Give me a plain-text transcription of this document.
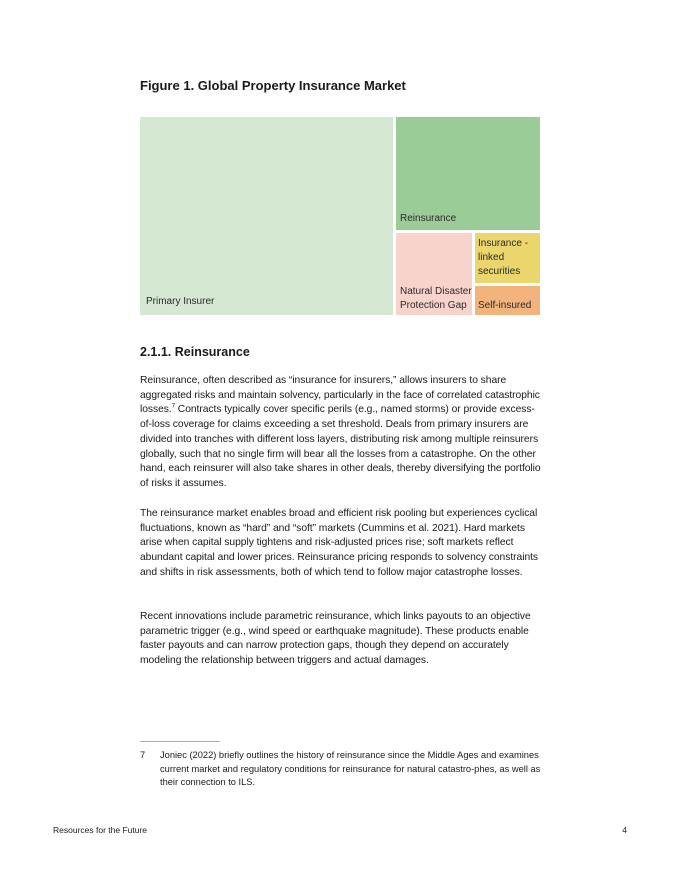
Figure 1. Global Property Insurance Market
Primary Insurer
Reinsurance
Natural Disaster Protection Gap
Insurance -linked securities
Self-insured
2.1.1. Reinsurance

Reinsurance, often described as “insurance for insurers,” allows insurers to share aggregated risks and maintain solvency, particularly in the face of correlated catastrophic losses.$^7$ Contracts typically cover specific perils (e.g., named storms) or provide excess-of-loss coverage for claims exceeding a set threshold. Deals from primary insurers are divided into tranches with different loss layers, distributing risk among multiple reinsurers globally, such that no single firm will bear all the losses from a catastrophe. On the other hand, each reinsurer will also take shares in other deals, thereby diversifying the portfolio of risks it assumes.

The reinsurance market enables broad and efficient risk pooling but experiences cyclical fluctuations, known as “hard” and “soft” markets (Cummins et al. 2021). Hard markets arise when capital supply tightens and risk-adjusted prices rise; soft markets reflect abundant capital and lower prices. Reinsurance pricing responds to solvency constraints and shifts in risk assessments, both of which tend to follow major catastrophe losses.

Recent innovations include parametric reinsurance, which links payouts to an objective parametric trigger (e.g., wind speed or earthquake magnitude). These products enable faster payouts and can narrow protection gaps, though they depend on accurately modeling the relationship between triggers and actual damages.

7 Joniec (2022) briefly outlines the history of reinsurance since the Middle Ages and examines current market and regulatory conditions for reinsurance for natural catastro-phes, as well as their connection to ILS.
Resources for the Future	4
